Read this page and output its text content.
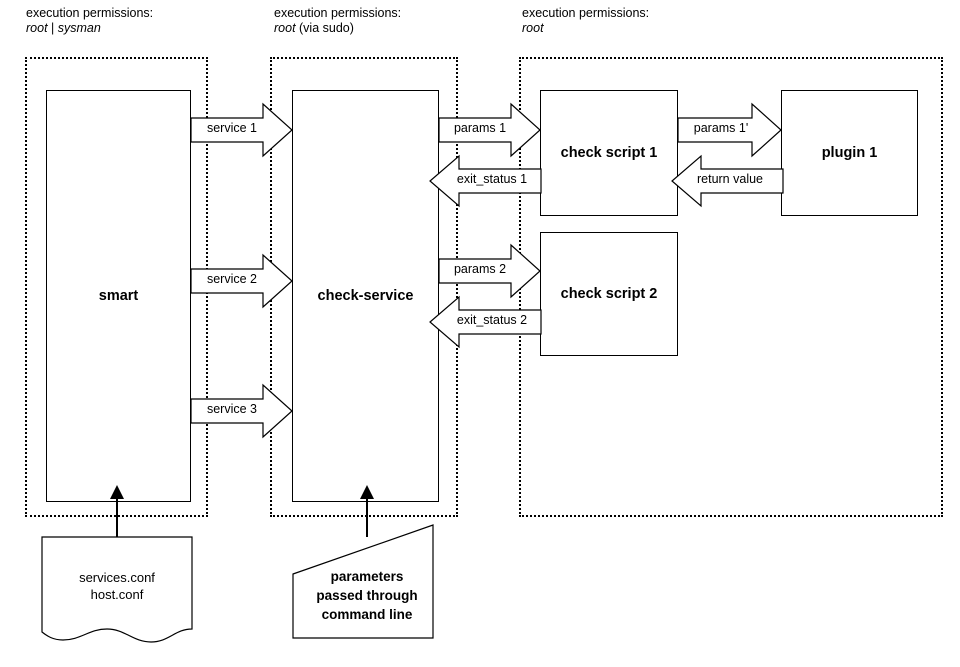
execution permissions:
root | sysman
execution permissions:
root (via sudo)
execution permissions:
root
smart	check-service
check script 1
check script 2
plugin 1
service 1
service 2
service 3
params 1
exit_status 1
params 2
exit_status 2
params 1'
return value
services.conf
host.conf
parameters
passed through
command line
